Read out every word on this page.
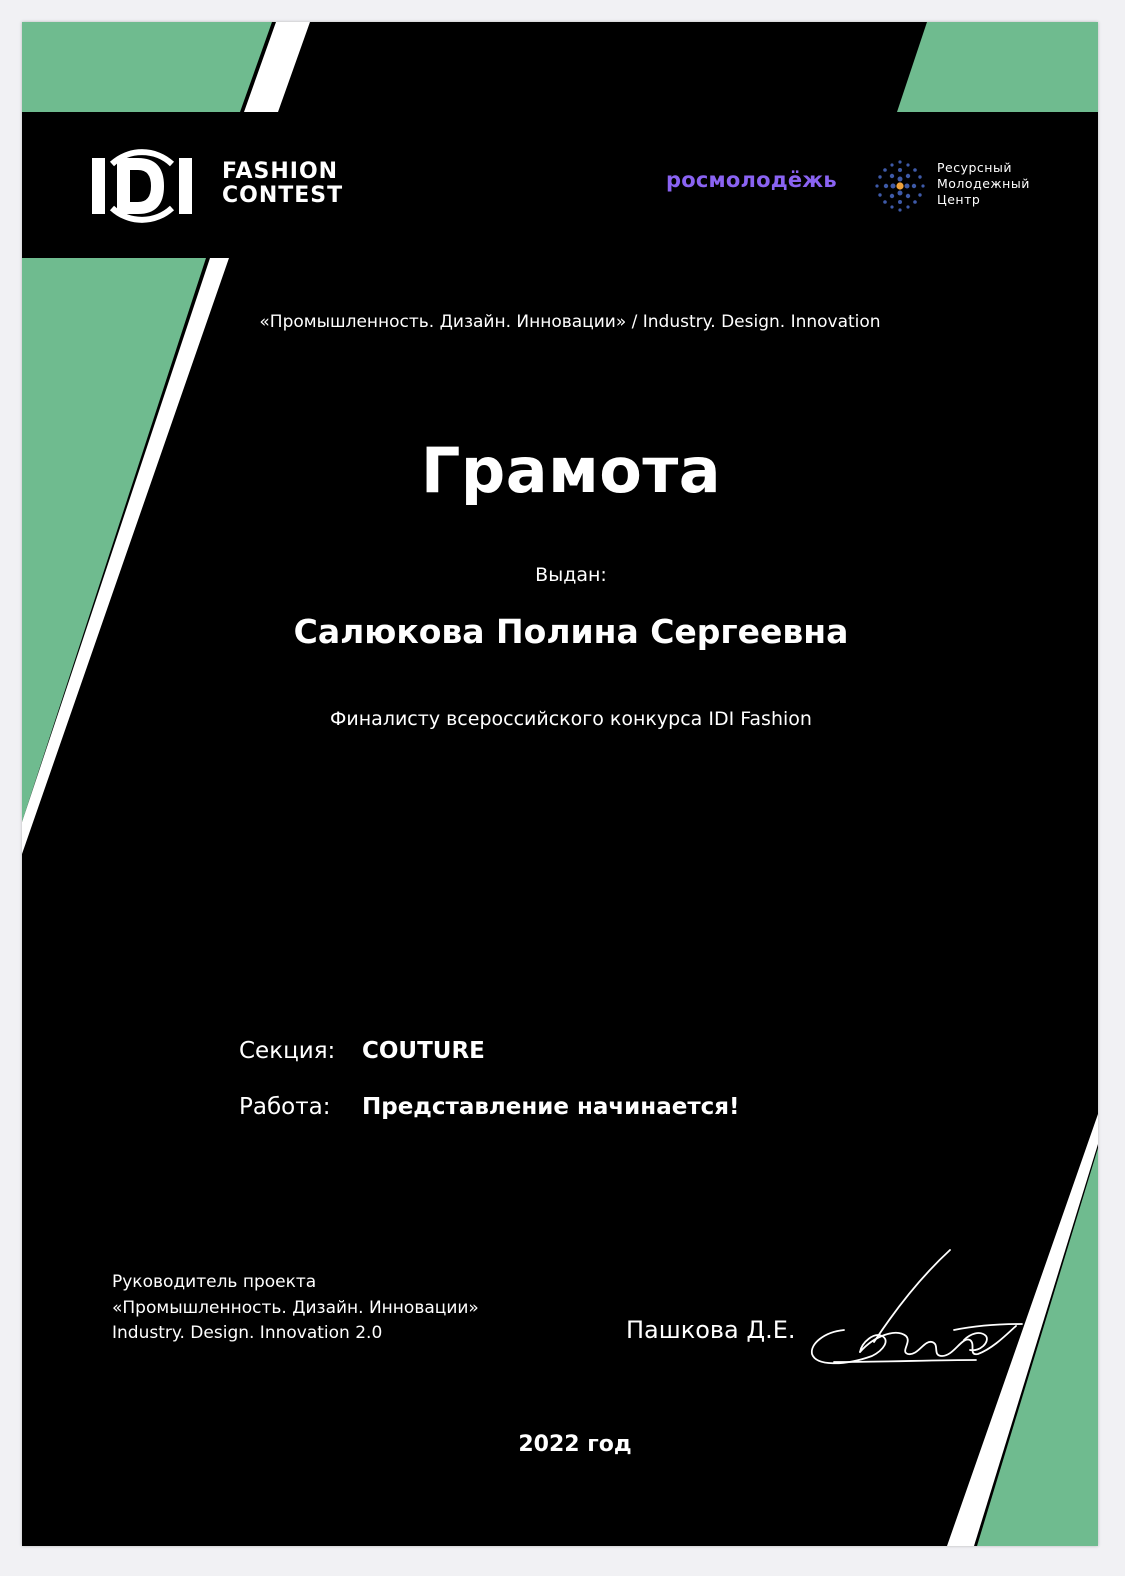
FASHION
CONTEST
росмолодёжь
Ресурсный
Молодежный
Центр
«Промышленность. Дизайн. Инновации» / Industry. Design. Innovation
Грамота
Выдан:
Салюкова Полина Сергеевна
Финалисту всероссийского конкурса IDI Fashion
Секция: COUTURE
Работа: Представление начинается!
Руководитель проекта
«Промышленность. Дизайн. Инновации»
Industry. Design. Innovation 2.0	Пашкова Д.Е.
2022 год
